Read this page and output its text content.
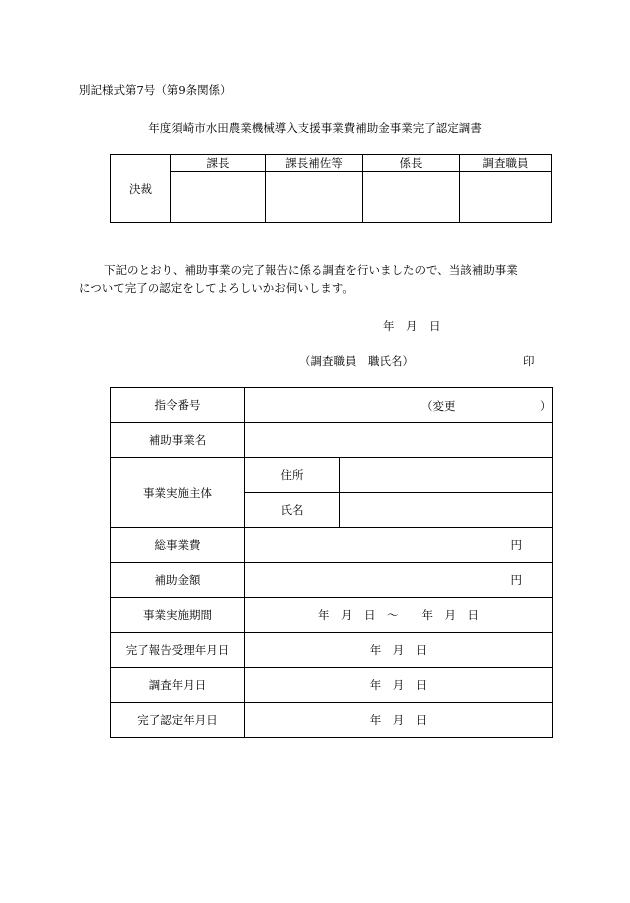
別記様式第7号（第9条関係）
年度須崎市水田農業機械導入支援事業費補助金事業完了認定調書
決裁	課長	課長補佐等	係長	調査職員

下記のとおり、補助事業の完了報告に係る調査を行いましたので、当該補助事業
について完了の認定をしてよろしいかお伺いします。
年　月　日
（調査職員　職氏名）	印
指令番号	（変更 ）	

補助事業名		
事業実施主体	住所	
	氏名	
総事業費	円	
補助金額	円	
事業実施期間	年　月　日　～　　年　月　日	
完了報告受理年月日	年　月　日	
調査年月日	年　月　日	
完了認定年月日	年　月　日	
